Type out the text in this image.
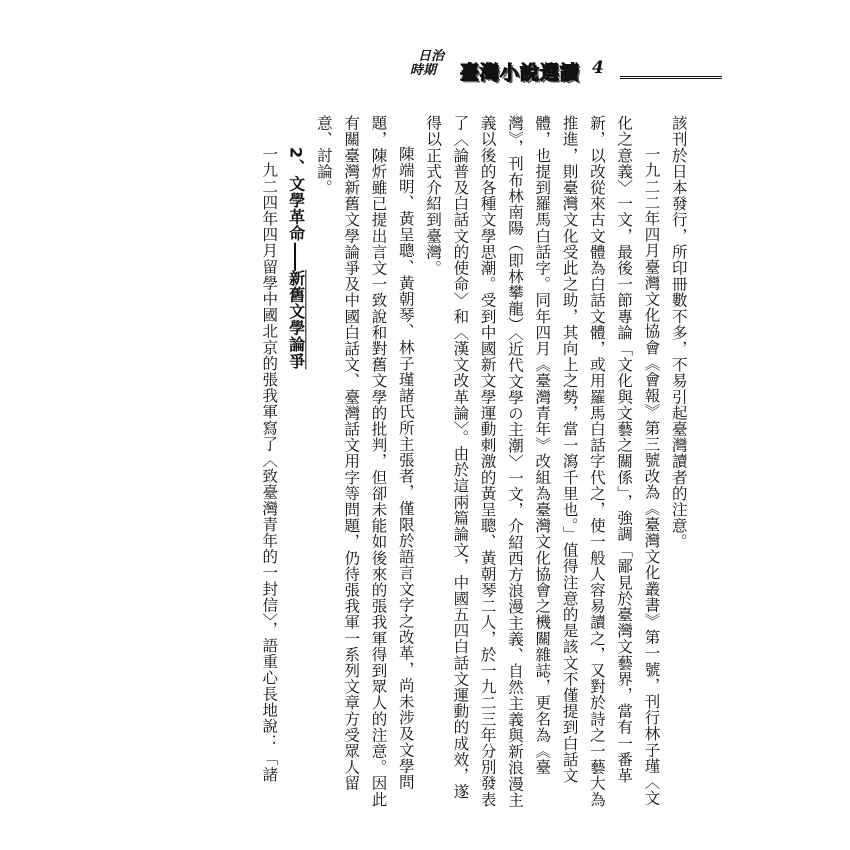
日治
時期	臺灣小說選讀 4

該刊於日本發行，所印冊數不多，不易引起臺灣讀者的注意。

一九二二年四月臺灣文化協會《會報》第三號改為《臺灣文化叢書》第一號，刊行林子瑾〈文化之意義〉一文，最後一節專論「文化與文藝之關係」，強調「鄙見於臺灣文藝界，當有一番革新，以改從來古文體為白話文體，或用羅馬白話字代之，使一般人容易讀之，又對於詩之一藝大為推進，則臺灣文化受此之助，其向上之勢，當一瀉千里也。」值得注意的是該文不僅提到白話文體，也提到羅馬白話字。同年四月《臺灣青年》改組為臺灣文化協會之機關雜誌，更名為《臺灣》，刊布林南陽（即林攀龍）〈近代文學の主潮〉一文，介紹西方浪漫主義、自然主義與新浪漫主義以後的各種文學思潮。受到中國新文學運動刺激的黃呈聰、黃朝琴二人，於一九二三年分別發表了〈論普及白話文的使命〉和〈漢文改革論〉。由於這兩篇論文，中國五四白話文運動的成效，遂得以正式介紹到臺灣。

陳端明、黃呈聰、黃朝琴、林子瑾諸氏所主張者，僅限於語言文字之改革，尚未涉及文學問題，陳炘雖已提出言文一致說和對舊文學的批判，但卻未能如後來的張我軍得到眾人的注意。因此有關臺灣新舊文學論爭及中國白話文、臺灣話文用字等問題，仍待張我軍一系列文章方受眾人留意、討論。

2、文學革命——新舊文學論爭

一九二四年四月留學中國北京的張我軍寫了〈致臺灣青年的一封信〉，語重心長地說：「諸
